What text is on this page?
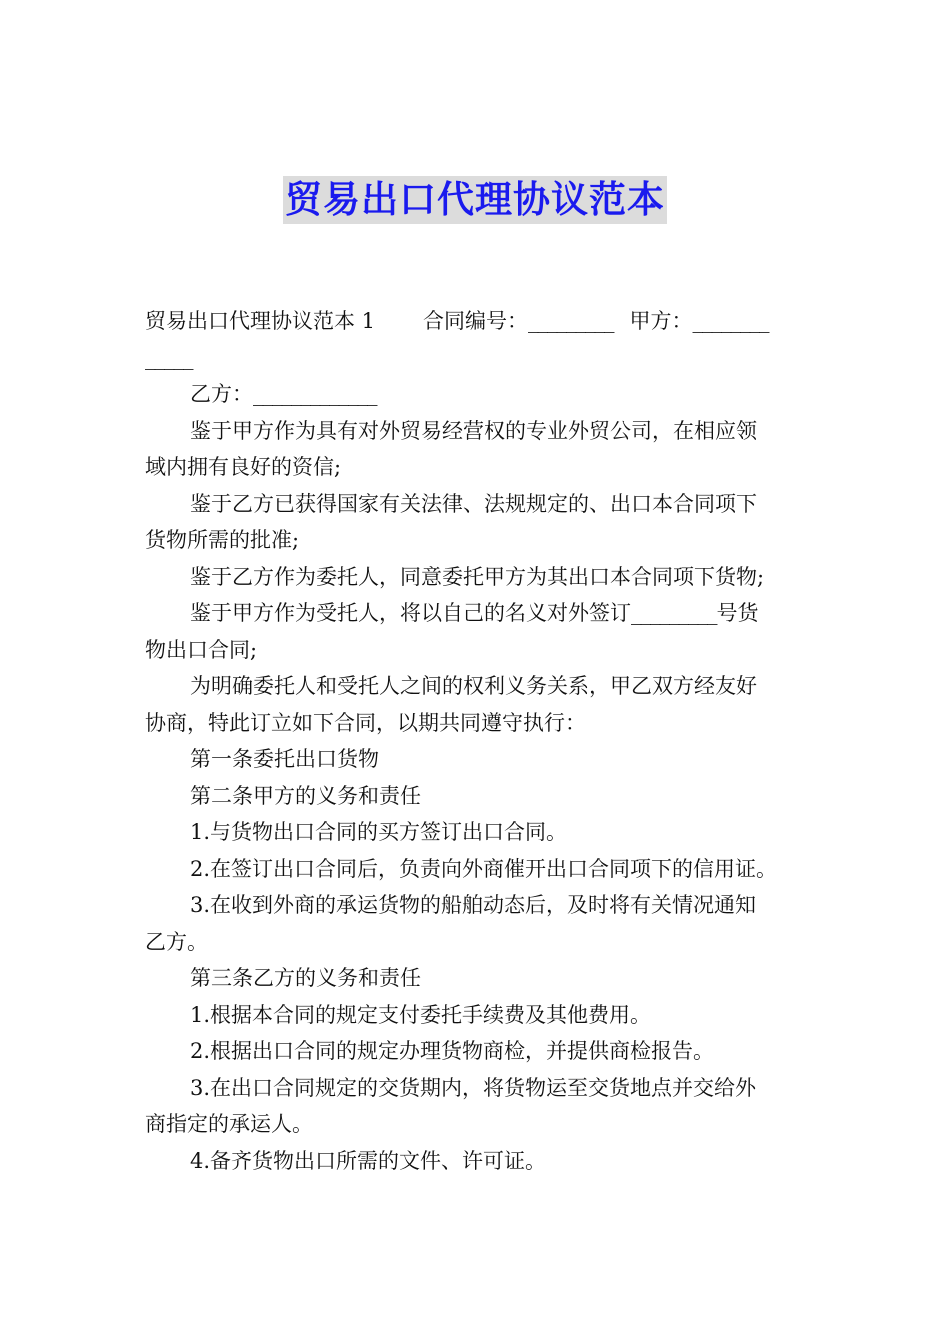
贸易出口代理协议范本
贸易出口代理协议范本 1 合同编号：_________ 甲方：________
_____
乙方：_____________
鉴于甲方作为具有对外贸易经营权的专业外贸公司，在相应领
域内拥有良好的资信;
鉴于乙方已获得国家有关法律、法规规定的、出口本合同项下
货物所需的批准;
鉴于乙方作为委托人，同意委托甲方为其出口本合同项下货物;
鉴于甲方作为受托人，将以自己的名义对外签订_________号货
物出口合同;
为明确委托人和受托人之间的权利义务关系，甲乙双方经友好
协商，特此订立如下合同，以期共同遵守执行：
第一条委托出口货物
第二条甲方的义务和责任
1.与货物出口合同的买方签订出口合同。
2.在签订出口合同后，负责向外商催开出口合同项下的信用证。
3.在收到外商的承运货物的船舶动态后，及时将有关情况通知
乙方。
第三条乙方的义务和责任
1.根据本合同的规定支付委托手续费及其他费用。
2.根据出口合同的规定办理货物商检，并提供商检报告。
3.在出口合同规定的交货期内，将货物运至交货地点并交给外
商指定的承运人。
4.备齐货物出口所需的文件、许可证。
